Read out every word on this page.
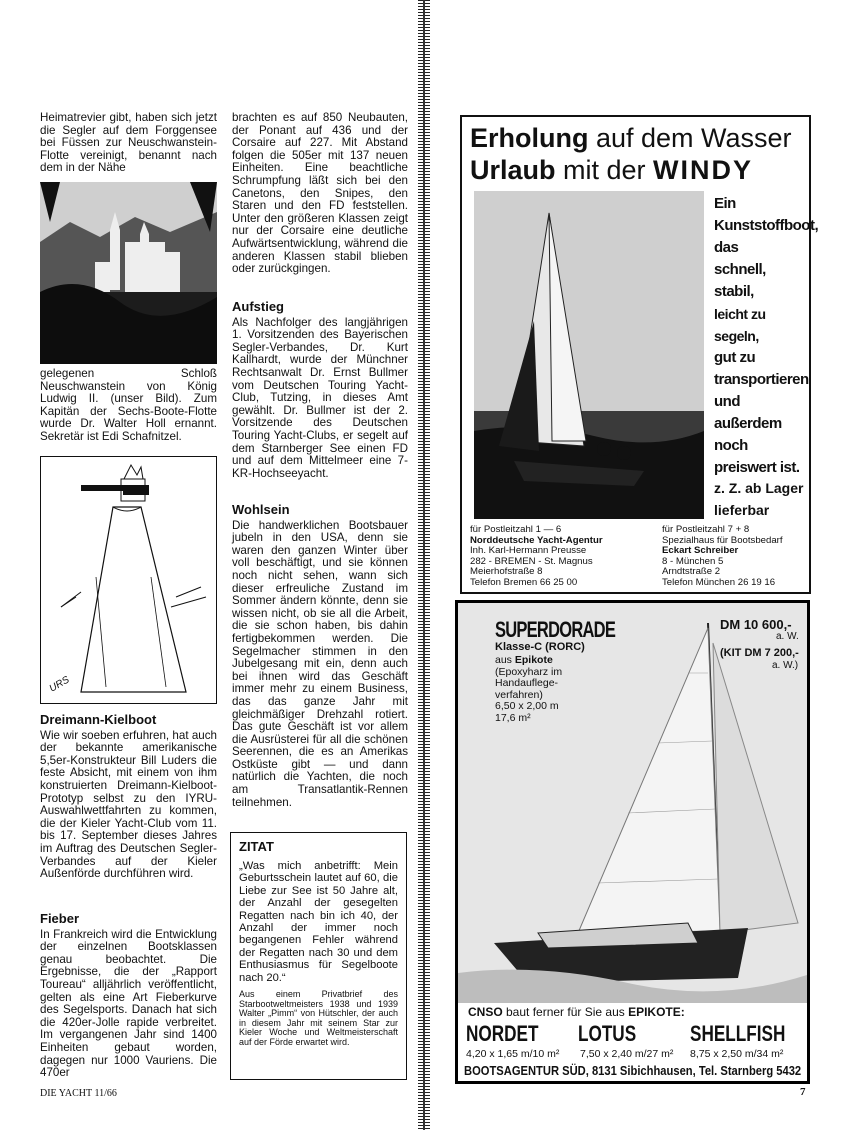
Heimatrevier gibt, haben sich jetzt die Segler auf dem Forggensee bei Füssen zur Neuschwanstein-Flotte vereinigt, benannt nach dem in der Nähe

gelegenen Schloß Neuschwanstein von König Ludwig II. (unser Bild). Zum Kapitän der Sechs-Boote-Flotte wurde Dr. Walter Holl ernannt. Sekretär ist Edi Schafnitzel.

URS
Dreimann-Kielboot

Wie wir soeben erfuhren, hat auch der bekannte amerikanische 5,5er-Konstrukteur Bill Luders die feste Absicht, mit einem von ihm konstruierten Dreimann-Kielboot-Prototyp selbst zu den IYRU-Auswahlwettfahrten zu kommen, die der Kieler Yacht-Club vom 11. bis 17. September dieses Jahres im Auftrag des Deutschen Segler-Verbandes auf der Kieler Außenförde durchführen wird.

Fieber

In Frankreich wird die Entwicklung der einzelnen Bootsklassen genau beobachtet. Die Ergebnisse, die der „Rapport Toureau“ alljährlich veröffentlicht, gelten als eine Art Fieberkurve des Segelsports. Danach hat sich die 420er-Jolle rapide verbreitet. Im vergangenen Jahr sind 1400 Einheiten gebaut worden, dagegen nur 1000 Vauriens. Die 470er

brachten es auf 850 Neubauten, der Ponant auf 436 und der Corsaire auf 227. Mit Abstand folgen die 505er mit 137 neuen Einheiten. Eine beachtliche Schrumpfung läßt sich bei den Canetons, den Snipes, den Staren und den FD feststellen. Unter den größeren Klassen zeigt nur der Corsaire eine deutliche Aufwärtsentwicklung, während die anderen Klassen stabil blieben oder zurückgingen.

Aufstieg

Als Nachfolger des langjährigen 1. Vorsitzenden des Bayerischen Segler-Verbandes, Dr. Kurt Kallhardt, wurde der Münchner Rechtsanwalt Dr. Ernst Bullmer vom Deutschen Touring Yacht-Club, Tutzing, in dieses Amt gewählt. Dr. Bullmer ist der 2. Vorsitzende des Deutschen Touring Yacht-Clubs, er segelt auf dem Starnberger See einen FD und auf dem Mittelmeer eine 7-KR-Hochseeyacht.

Wohlsein

Die handwerklichen Bootsbauer jubeln in den USA, denn sie waren den ganzen Winter über voll beschäftigt, und sie können noch nicht sehen, wann sich dieser erfreuliche Zustand im Sommer ändern könnte, denn sie wissen nicht, ob sie all die Arbeit, die sie schon haben, bis dahin fertigbekommen werden. Die Segelmacher stimmen in den Jubelgesang mit ein, denn auch bei ihnen wird das Geschäft immer mehr zu einem Business, das das ganze Jahr mit gleichmäßiger Drehzahl rotiert. Das gute Geschäft ist vor allem die Ausrüsterei für all die schönen Seerennen, die es an Amerikas Ostküste gibt — und dann natürlich die Yachten, die noch am Transatlantik-Rennen teilnehmen.

ZITAT
„Was mich anbetrifft: Mein Geburtsschein lautet auf 60, die Liebe zur See ist 50 Jahre alt, der Anzahl der gesegelten Regatten nach bin ich 40, der Anzahl der immer noch begangenen Fehler während der Regatten nach 30 und dem Enthusiasmus für Segelboote nach 20.“
Aus einem Privatbrief des Starbootweltmeisters 1938 und 1939 Walter „Pimm“ von Hütschler, der auch in diesem Jahr mit seinem Star zur Kieler Woche und Weltmeisterschaft auf der Förde erwartet wird.
Erholung auf dem Wasser
Urlaub mit der WINDY
Ein
Kunststoffboot,
das
schnell,
stabil,
leicht zu segeln,
gut zu
transportieren
und
außerdem
noch
preiswert ist.
z. Z. ab Lager
lieferbar
für Postleitzahl 1 — 6
Norddeutsche Yacht-Agentur
Inh. Karl-Hermann Preusse
282 - BREMEN - St. Magnus
Meierhofstraße 8
Telefon Bremen 66 25 00
für Postleitzahl 7 + 8
Spezialhaus für Bootsbedarf
Eckart Schreiber
8 - München 5
Arndtstraße 2
Telefon München 26 19 16
SUPERDORADE
Klasse-C (RORC)
aus Epikote
(Epoxyharz im
Handauflege-
verfahren)
6,50 x 2,00 m
17,6 m²
DM 10 600,-
a. W.
(KIT DM 7 200,-
a. W.)
CNSO baut ferner für Sie aus EPIKOTE:
NORDET LOTUS SHELLFISH
4,20 x 1,65 m/10 m² 7,50 x 2,40 m/27 m² 8,75 x 2,50 m/34 m²
BOOTSAGENTUR SÜD, 8131 Sibichhausen, Tel. Starnberg 5432
DIE YACHT 11/66	7
